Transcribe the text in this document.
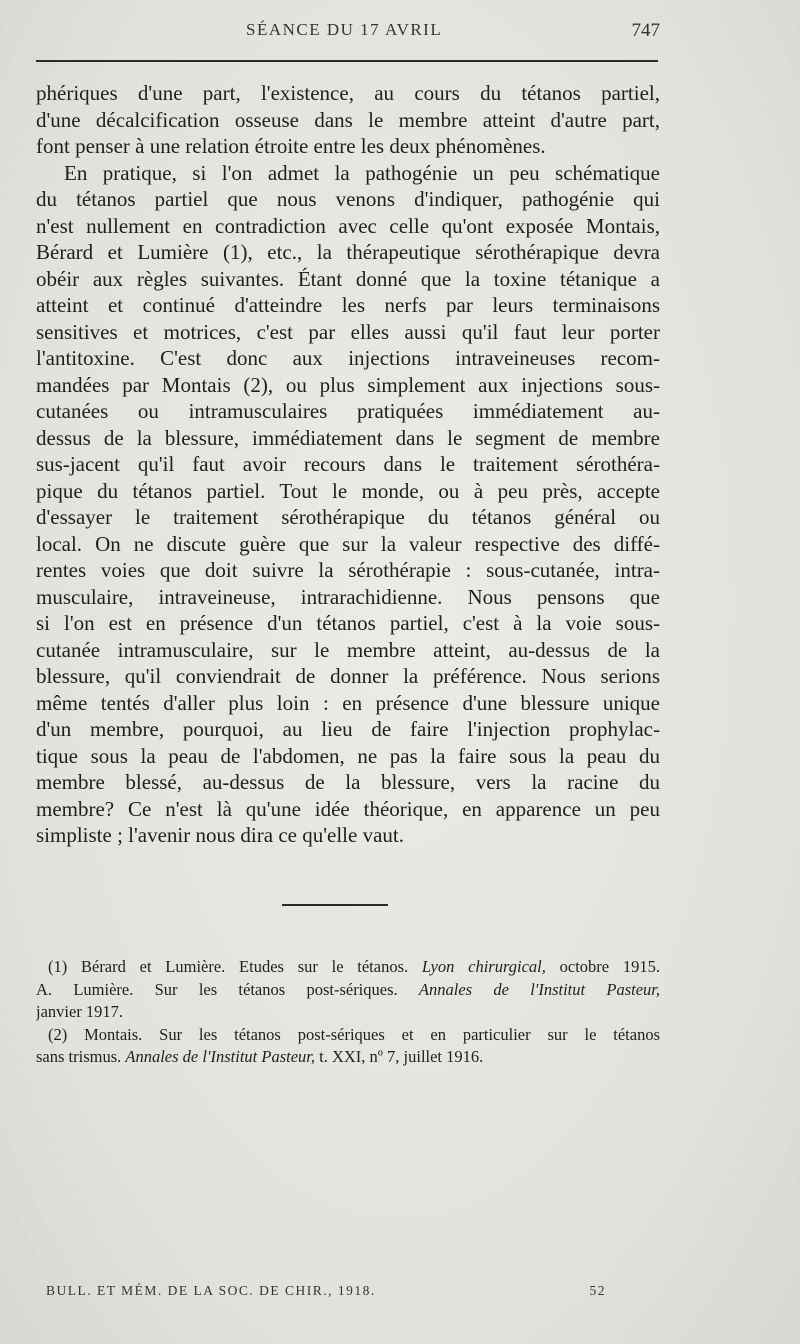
SÉANCE DU 17 AVRIL	747
phériques d'une part, l'existence, au cours du tétanos partiel,
d'une décalcification osseuse dans le membre atteint d'autre part,
font penser à une relation étroite entre les deux phénomènes.
En pratique, si l'on admet la pathogénie un peu schématique
du tétanos partiel que nous venons d'indiquer, pathogénie qui
n'est nullement en contradiction avec celle qu'ont exposée Montais,
Bérard et Lumière (1), etc., la thérapeutique sérothérapique devra
obéir aux règles suivantes. Étant donné que la toxine tétanique a
atteint et continué d'atteindre les nerfs par leurs terminaisons
sensitives et motrices, c'est par elles aussi qu'il faut leur porter
l'antitoxine. C'est donc aux injections intraveineuses recom-
mandées par Montais (2), ou plus simplement aux injections sous-
cutanées ou intramusculaires pratiquées immédiatement au-
dessus de la blessure, immédiatement dans le segment de membre
sus-jacent qu'il faut avoir recours dans le traitement sérothéra-
pique du tétanos partiel. Tout le monde, ou à peu près, accepte
d'essayer le traitement sérothérapique du tétanos général ou
local. On ne discute guère que sur la valeur respective des diffé-
rentes voies que doit suivre la sérothérapie : sous-cutanée, intra-
musculaire, intraveineuse, intrarachidienne. Nous pensons que
si l'on est en présence d'un tétanos partiel, c'est à la voie sous-
cutanée intramusculaire, sur le membre atteint, au-dessus de la
blessure, qu'il conviendrait de donner la préférence. Nous serions
même tentés d'aller plus loin : en présence d'une blessure unique
d'un membre, pourquoi, au lieu de faire l'injection prophylac-
tique sous la peau de l'abdomen, ne pas la faire sous la peau du
membre blessé, au-dessus de la blessure, vers la racine du
membre? Ce n'est là qu'une idée théorique, en apparence un peu
simpliste ; l'avenir nous dira ce qu'elle vaut.
(1) Bérard et Lumière. Etudes sur le tétanos. Lyon chirurgical, octobre 1915.
A. Lumière. Sur les tétanos post-sériques. Annales de l'Institut Pasteur,
janvier 1917.
(2) Montais. Sur les tétanos post-sériques et en particulier sur le tétanos
sans trismus. Annales de l'Institut Pasteur, t. XXI, nº 7, juillet 1916.
BULL. ET MÉM. DE LA SOC. DE CHIR., 1918.	52
